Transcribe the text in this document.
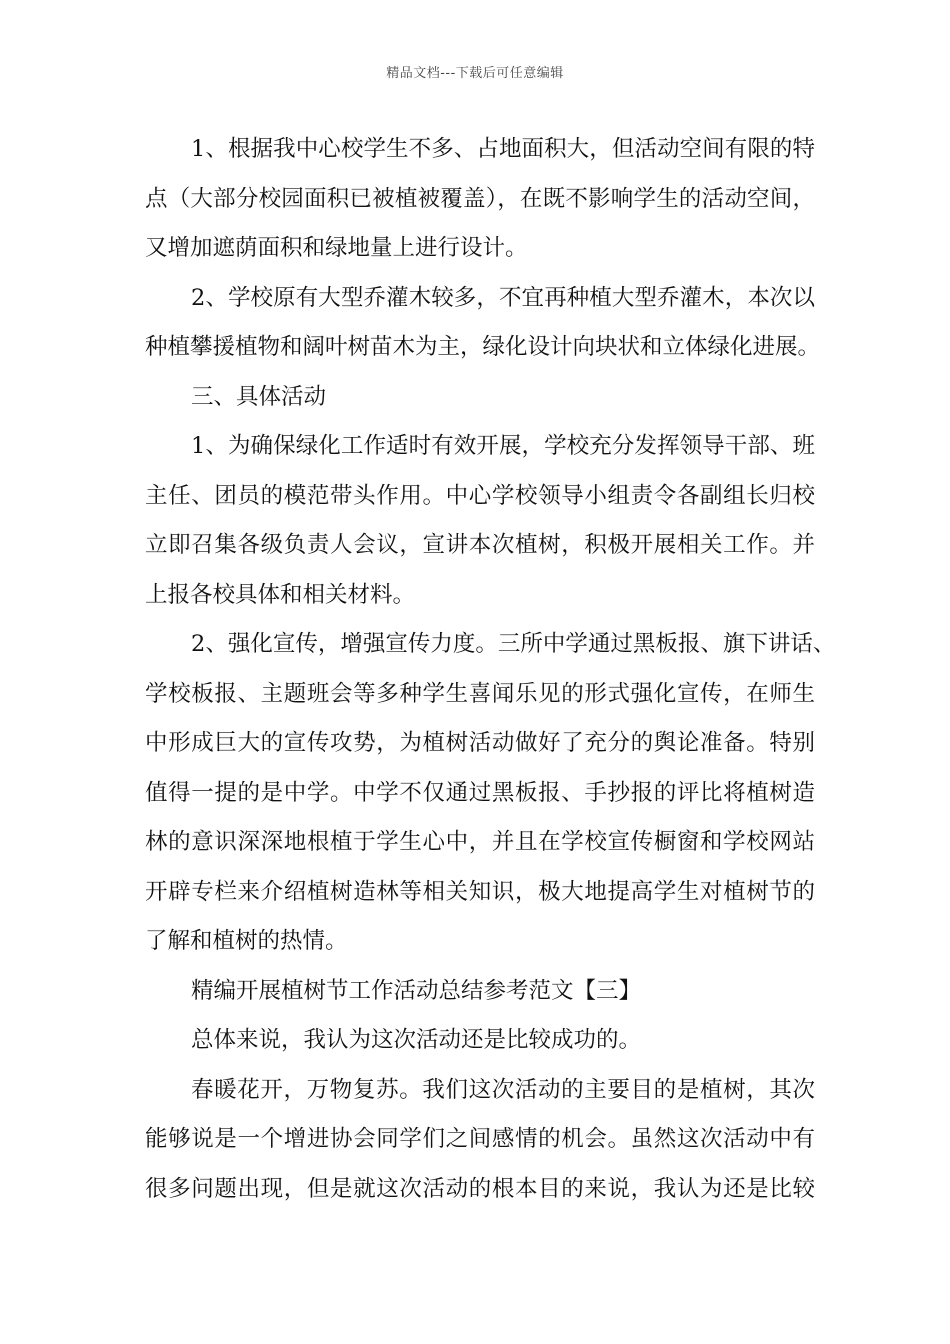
精品文档---下载后可任意编辑
1、根据我中心校学生不多、占地面积大，但活动空间有限的特
点（大部分校园面积已被植被覆盖），在既不影响学生的活动空间，
又增加遮荫面积和绿地量上进行设计。
2、学校原有大型乔灌木较多，不宜再种植大型乔灌木，本次以
种植攀援植物和阔叶树苗木为主，绿化设计向块状和立体绿化进展。
三、具体活动
1、为确保绿化工作适时有效开展，学校充分发挥领导干部、班
主任、团员的模范带头作用。中心学校领导小组责令各副组长归校
立即召集各级负责人会议，宣讲本次植树，积极开展相关工作。并
上报各校具体和相关材料。
2、强化宣传，增强宣传力度。三所中学通过黑板报、旗下讲话、
学校板报、主题班会等多种学生喜闻乐见的形式强化宣传，在师生
中形成巨大的宣传攻势，为植树活动做好了充分的舆论准备。特别
值得一提的是中学。中学不仅通过黑板报、手抄报的评比将植树造
林的意识深深地根植于学生心中，并且在学校宣传橱窗和学校网站
开辟专栏来介绍植树造林等相关知识，极大地提高学生对植树节的
了解和植树的热情。
精编开展植树节工作活动总结参考范文【三】
总体来说，我认为这次活动还是比较成功的。
春暖花开，万物复苏。我们这次活动的主要目的是植树，其次
能够说是一个增进协会同学们之间感情的机会。虽然这次活动中有
很多问题出现，但是就这次活动的根本目的来说，我认为还是比较
